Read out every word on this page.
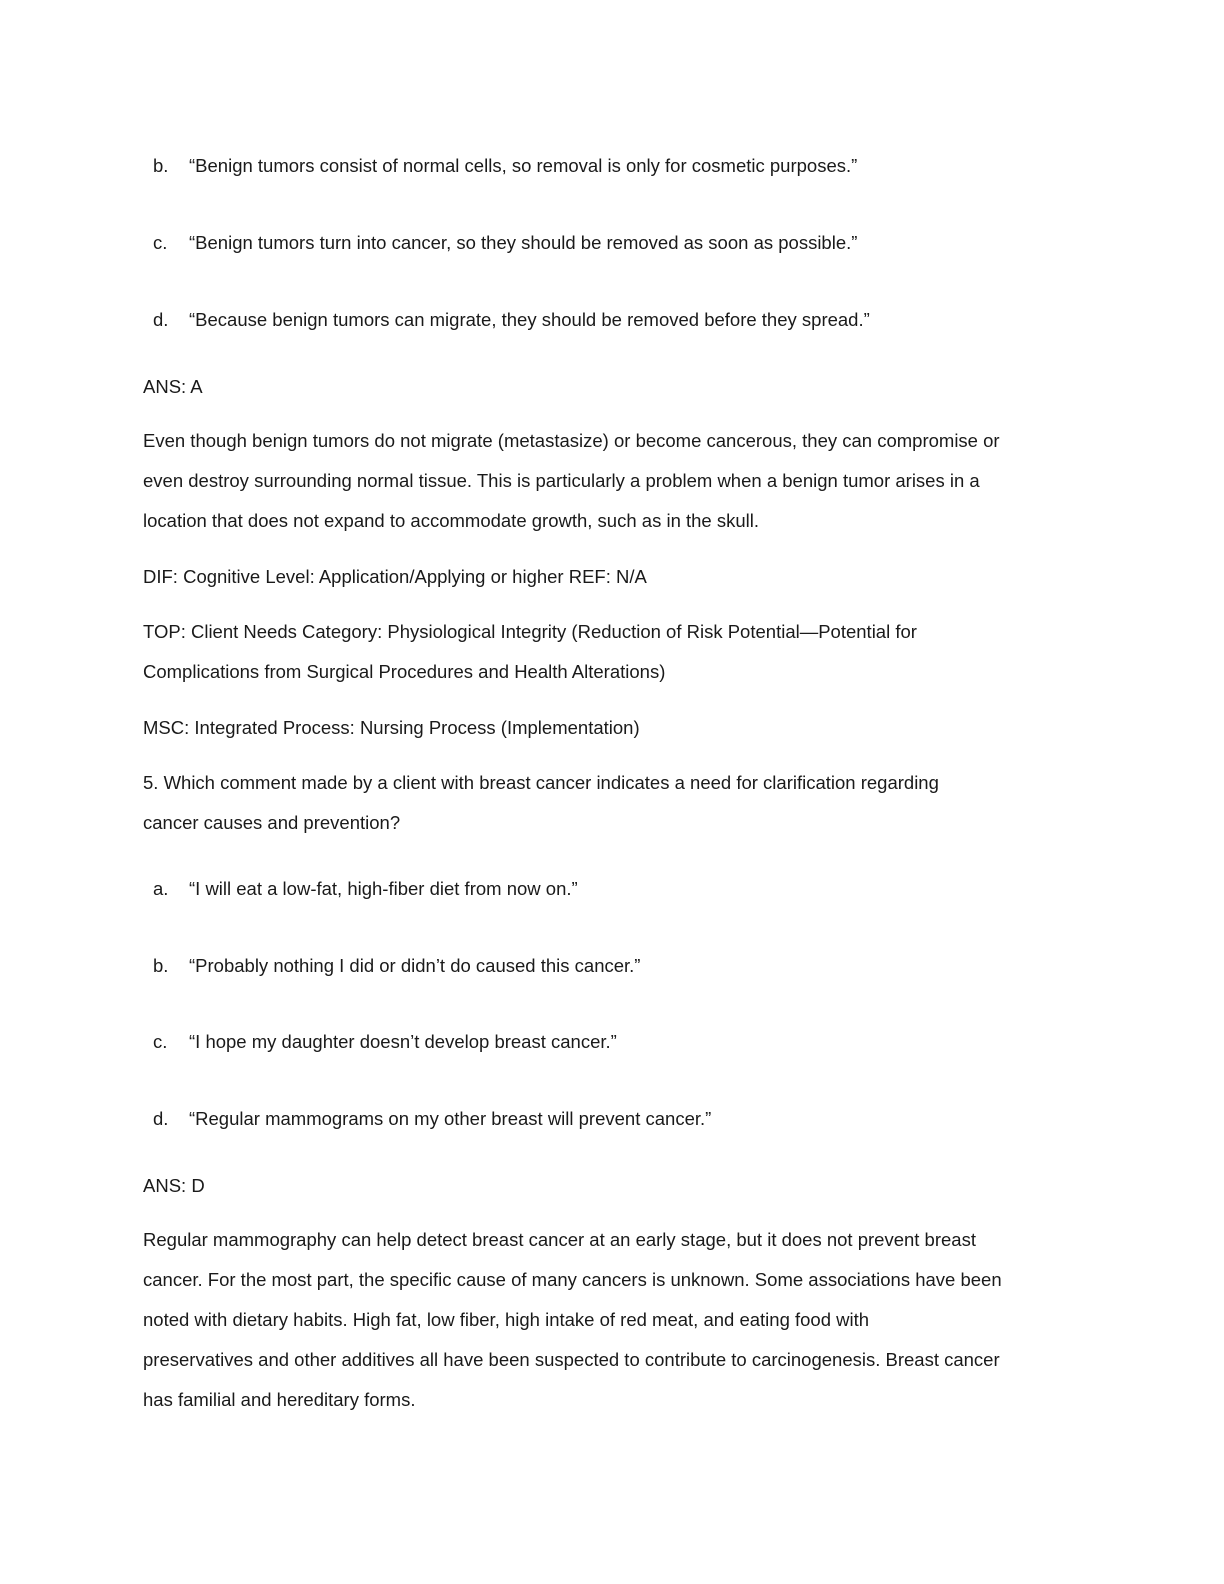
b. “Benign tumors consist of normal cells, so removal is only for cosmetic purposes.”
c. “Benign tumors turn into cancer, so they should be removed as soon as possible.”
d. “Because benign tumors can migrate, they should be removed before they spread.”
ANS: A
Even though benign tumors do not migrate (metastasize) or become cancerous, they can compromise or
even destroy surrounding normal tissue. This is particularly a problem when a benign tumor arises in a
location that does not expand to accommodate growth, such as in the skull.
DIF: Cognitive Level: Application/Applying or higher REF: N/A
TOP: Client Needs Category: Physiological Integrity (Reduction of Risk Potential—Potential for
Complications from Surgical Procedures and Health Alterations)
MSC: Integrated Process: Nursing Process (Implementation)
5. Which comment made by a client with breast cancer indicates a need for clarification regarding
cancer causes and prevention?
a. “I will eat a low-fat, high-fiber diet from now on.”
b. “Probably nothing I did or didn’t do caused this cancer.”
c. “I hope my daughter doesn’t develop breast cancer.”
d. “Regular mammograms on my other breast will prevent cancer.”
ANS: D
Regular mammography can help detect breast cancer at an early stage, but it does not prevent breast
cancer. For the most part, the specific cause of many cancers is unknown. Some associations have been
noted with dietary habits. High fat, low fiber, high intake of red meat, and eating food with
preservatives and other additives all have been suspected to contribute to carcinogenesis. Breast cancer
has familial and hereditary forms.
